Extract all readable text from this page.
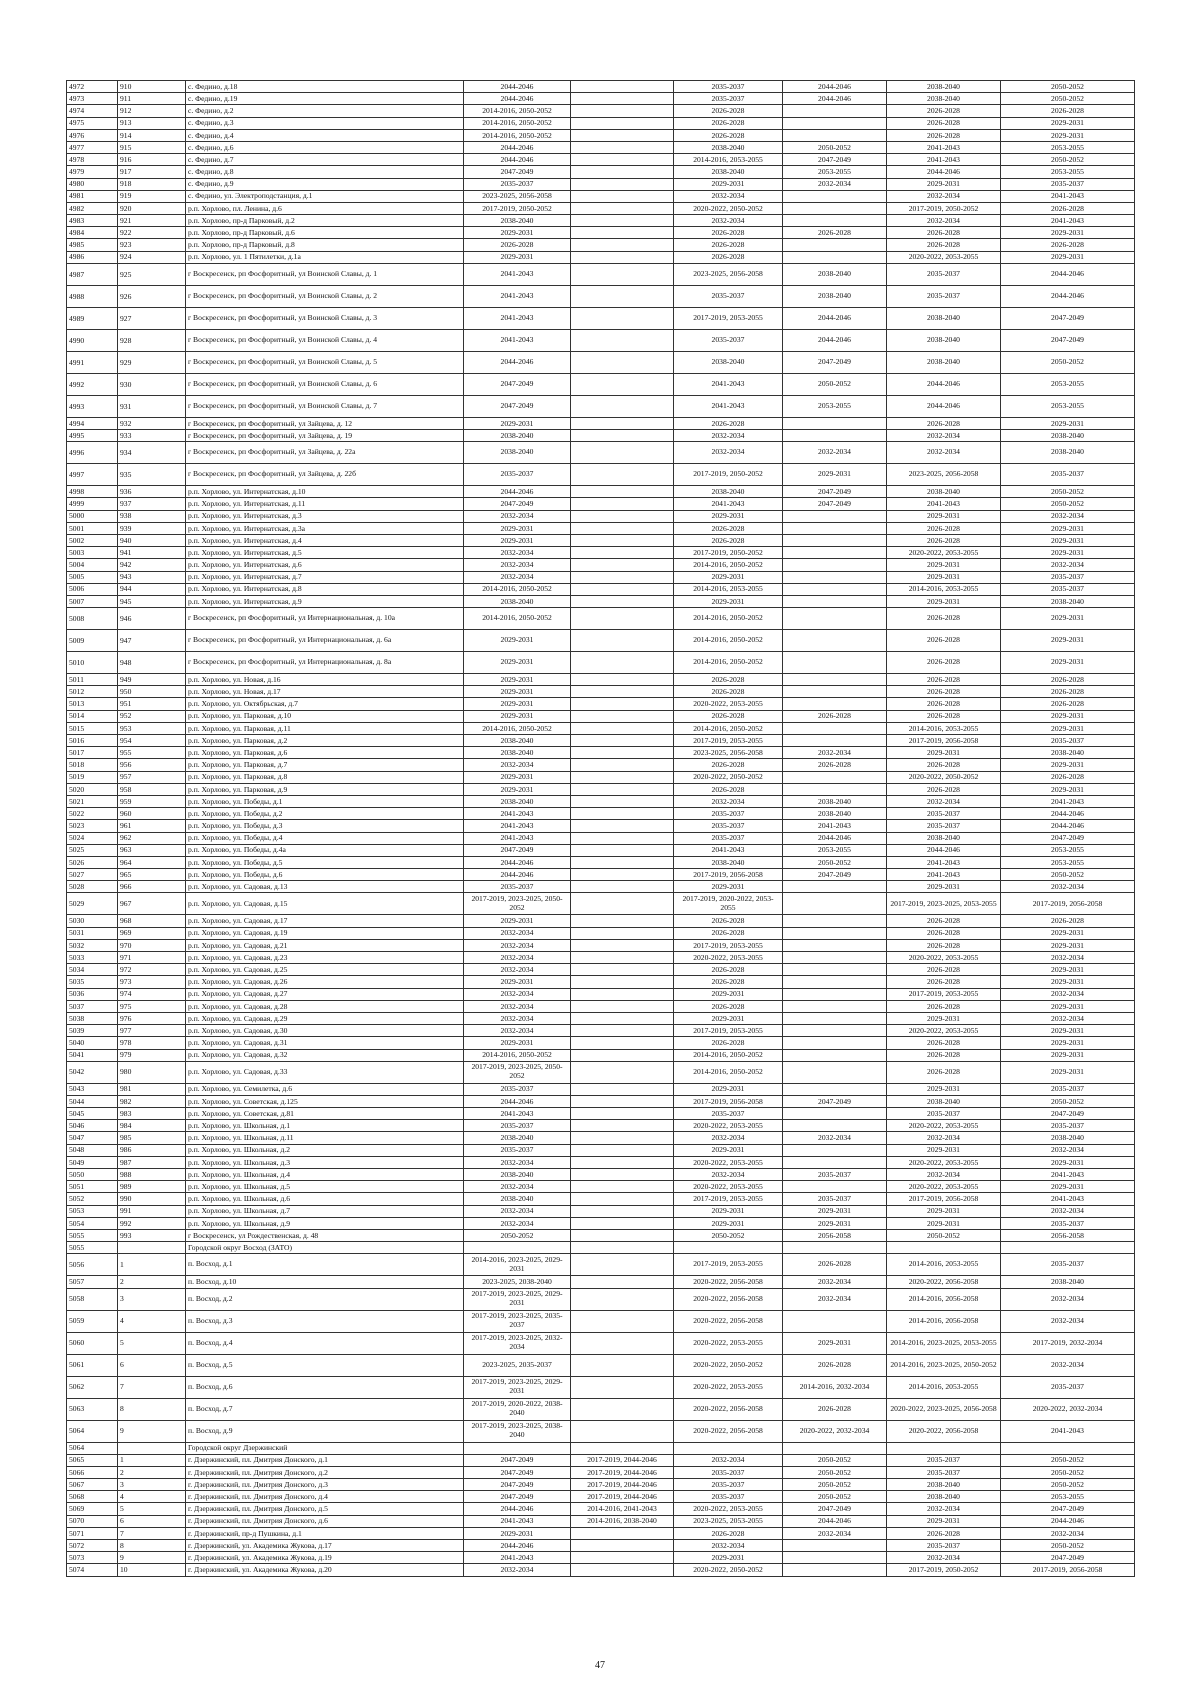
4972	910	с. Федино, д.18	2044-2046		2035-2037	2044-2046	2038-2040	2050-2052
4973	911	с. Федино, д.19	2044-2046		2035-2037	2044-2046	2038-2040	2050-2052
4974	912	с. Федино, д.2	2014-2016, 2050-2052		2026-2028		2026-2028	2026-2028
4975	913	с. Федино, д.3	2014-2016, 2050-2052		2026-2028		2026-2028	2029-2031
4976	914	с. Федино, д.4	2014-2016, 2050-2052		2026-2028		2026-2028	2029-2031
4977	915	с. Федино, д.6	2044-2046		2038-2040	2050-2052	2041-2043	2053-2055
4978	916	с. Федино, д.7	2044-2046		2014-2016, 2053-2055	2047-2049	2041-2043	2050-2052
4979	917	с. Федино, д.8	2047-2049		2038-2040	2053-2055	2044-2046	2053-2055
4980	918	с. Федино, д.9	2035-2037		2029-2031	2032-2034	2029-2031	2035-2037
4981	919	с. Федино, ул. Электроподстанция, д.1	2023-2025, 2056-2058		2032-2034		2032-2034	2041-2043
4982	920	р.п. Хорлово, пл. Ленина, д.6	2017-2019, 2050-2052		2020-2022, 2050-2052		2017-2019, 2050-2052	2026-2028
4983	921	р.п. Хорлово, пр-д Парковый, д.2	2038-2040		2032-2034		2032-2034	2041-2043
4984	922	р.п. Хорлово, пр-д Парковый, д.6	2029-2031		2026-2028	2026-2028	2026-2028	2029-2031
4985	923	р.п. Хорлово, пр-д Парковый, д.8	2026-2028		2026-2028		2026-2028	2026-2028
4986	924	р.п. Хорлово, ул. 1 Пятилетки, д.1а	2029-2031		2026-2028		2020-2022, 2053-2055	2029-2031
4987	925	г Воскресенск, рп Фосфоритный, ул Воинской Славы, д. 1	2041-2043		2023-2025, 2056-2058	2038-2040	2035-2037	2044-2046
4988	926	г Воскресенск, рп Фосфоритный, ул Воинской Славы, д. 2	2041-2043		2035-2037	2038-2040	2035-2037	2044-2046
4989	927	г Воскресенск, рп Фосфоритный, ул Воинской Славы, д. 3	2041-2043		2017-2019, 2053-2055	2044-2046	2038-2040	2047-2049
4990	928	г Воскресенск, рп Фосфоритный, ул Воинской Славы, д. 4	2041-2043		2035-2037	2044-2046	2038-2040	2047-2049
4991	929	г Воскресенск, рп Фосфоритный, ул Воинской Славы, д. 5	2044-2046		2038-2040	2047-2049	2038-2040	2050-2052
4992	930	г Воскресенск, рп Фосфоритный, ул Воинской Славы, д. 6	2047-2049		2041-2043	2050-2052	2044-2046	2053-2055
4993	931	г Воскресенск, рп Фосфоритный, ул Воинской Славы, д. 7	2047-2049		2041-2043	2053-2055	2044-2046	2053-2055
4994	932	г Воскресенск, рп Фосфоритный, ул Зайцева, д. 12	2029-2031		2026-2028		2026-2028	2029-2031
4995	933	г Воскресенск, рп Фосфоритный, ул Зайцева, д. 19	2038-2040		2032-2034		2032-2034	2038-2040
4996	934	г Воскресенск, рп Фосфоритный, ул Зайцева, д. 22а	2038-2040		2032-2034	2032-2034	2032-2034	2038-2040
4997	935	г Воскресенск, рп Фосфоритный, ул Зайцева, д. 22б	2035-2037		2017-2019, 2050-2052	2029-2031	2023-2025, 2056-2058	2035-2037
4998	936	р.п. Хорлово, ул. Интернатская, д.10	2044-2046		2038-2040	2047-2049	2038-2040	2050-2052
4999	937	р.п. Хорлово, ул. Интернатская, д.11	2047-2049		2041-2043	2047-2049	2041-2043	2050-2052
5000	938	р.п. Хорлово, ул. Интернатская, д.3	2032-2034		2029-2031		2029-2031	2032-2034
5001	939	р.п. Хорлово, ул. Интернатская, д.3а	2029-2031		2026-2028		2026-2028	2029-2031
5002	940	р.п. Хорлово, ул. Интернатская, д.4	2029-2031		2026-2028		2026-2028	2029-2031
5003	941	р.п. Хорлово, ул. Интернатская, д.5	2032-2034		2017-2019, 2050-2052		2020-2022, 2053-2055	2029-2031
5004	942	р.п. Хорлово, ул. Интернатская, д.6	2032-2034		2014-2016, 2050-2052		2029-2031	2032-2034
5005	943	р.п. Хорлово, ул. Интернатская, д.7	2032-2034		2029-2031		2029-2031	2035-2037
5006	944	р.п. Хорлово, ул. Интернатская, д.8	2014-2016, 2050-2052		2014-2016, 2053-2055		2014-2016, 2053-2055	2035-2037
5007	945	р.п. Хорлово, ул. Интернатская, д.9	2038-2040		2029-2031		2029-2031	2038-2040
5008	946	г Воскресенск, рп Фосфоритный, ул Интернациональная, д. 10а	2014-2016, 2050-2052		2014-2016, 2050-2052		2026-2028	2029-2031
5009	947	г Воскресенск, рп Фосфоритный, ул Интернациональная, д. 6а	2029-2031		2014-2016, 2050-2052		2026-2028	2029-2031
5010	948	г Воскресенск, рп Фосфоритный, ул Интернациональная, д. 8а	2029-2031		2014-2016, 2050-2052		2026-2028	2029-2031
5011	949	р.п. Хорлово, ул. Новая, д.16	2029-2031		2026-2028		2026-2028	2026-2028
5012	950	р.п. Хорлово, ул. Новая, д.17	2029-2031		2026-2028		2026-2028	2026-2028
5013	951	р.п. Хорлово, ул. Октябрьская, д.7	2029-2031		2020-2022, 2053-2055		2026-2028	2026-2028
5014	952	р.п. Хорлово, ул. Парковая, д.10	2029-2031		2026-2028	2026-2028	2026-2028	2029-2031
5015	953	р.п. Хорлово, ул. Парковая, д.11	2014-2016, 2050-2052		2014-2016, 2050-2052		2014-2016, 2053-2055	2029-2031
5016	954	р.п. Хорлово, ул. Парковая, д.2	2038-2040		2017-2019, 2053-2055		2017-2019, 2056-2058	2035-2037
5017	955	р.п. Хорлово, ул. Парковая, д.6	2038-2040		2023-2025, 2056-2058	2032-2034	2029-2031	2038-2040
5018	956	р.п. Хорлово, ул. Парковая, д.7	2032-2034		2026-2028	2026-2028	2026-2028	2029-2031
5019	957	р.п. Хорлово, ул. Парковая, д.8	2029-2031		2020-2022, 2050-2052		2020-2022, 2050-2052	2026-2028
5020	958	р.п. Хорлово, ул. Парковая, д.9	2029-2031		2026-2028		2026-2028	2029-2031
5021	959	р.п. Хорлово, ул. Победы, д.1	2038-2040		2032-2034	2038-2040	2032-2034	2041-2043
5022	960	р.п. Хорлово, ул. Победы, д.2	2041-2043		2035-2037	2038-2040	2035-2037	2044-2046
5023	961	р.п. Хорлово, ул. Победы, д.3	2041-2043		2035-2037	2041-2043	2035-2037	2044-2046
5024	962	р.п. Хорлово, ул. Победы, д.4	2041-2043		2035-2037	2044-2046	2038-2040	2047-2049
5025	963	р.п. Хорлово, ул. Победы, д.4а	2047-2049		2041-2043	2053-2055	2044-2046	2053-2055
5026	964	р.п. Хорлово, ул. Победы, д.5	2044-2046		2038-2040	2050-2052	2041-2043	2053-2055
5027	965	р.п. Хорлово, ул. Победы, д.6	2044-2046		2017-2019, 2056-2058	2047-2049	2041-2043	2050-2052
5028	966	р.п. Хорлово, ул. Садовая, д.13	2035-2037		2029-2031		2029-2031	2032-2034
5029	967	р.п. Хорлово, ул. Садовая, д.15	2017-2019, 2023-2025, 2050-2052		2017-2019, 2020-2022, 2053-2055		2017-2019, 2023-2025, 2053-2055	2017-2019, 2056-2058
5030	968	р.п. Хорлово, ул. Садовая, д.17	2029-2031		2026-2028		2026-2028	2026-2028
5031	969	р.п. Хорлово, ул. Садовая, д.19	2032-2034		2026-2028		2026-2028	2029-2031
5032	970	р.п. Хорлово, ул. Садовая, д.21	2032-2034		2017-2019, 2053-2055		2026-2028	2029-2031
5033	971	р.п. Хорлово, ул. Садовая, д.23	2032-2034		2020-2022, 2053-2055		2020-2022, 2053-2055	2032-2034
5034	972	р.п. Хорлово, ул. Садовая, д.25	2032-2034		2026-2028		2026-2028	2029-2031
5035	973	р.п. Хорлово, ул. Садовая, д.26	2029-2031		2026-2028		2026-2028	2029-2031
5036	974	р.п. Хорлово, ул. Садовая, д.27	2032-2034		2029-2031		2017-2019, 2053-2055	2032-2034
5037	975	р.п. Хорлово, ул. Садовая, д.28	2032-2034		2026-2028		2026-2028	2029-2031
5038	976	р.п. Хорлово, ул. Садовая, д.29	2032-2034		2029-2031		2029-2031	2032-2034
5039	977	р.п. Хорлово, ул. Садовая, д.30	2032-2034		2017-2019, 2053-2055		2020-2022, 2053-2055	2029-2031
5040	978	р.п. Хорлово, ул. Садовая, д.31	2029-2031		2026-2028		2026-2028	2029-2031
5041	979	р.п. Хорлово, ул. Садовая, д.32	2014-2016, 2050-2052		2014-2016, 2050-2052		2026-2028	2029-2031
5042	980	р.п. Хорлово, ул. Садовая, д.33	2017-2019, 2023-2025, 2050-2052		2014-2016, 2050-2052		2026-2028	2029-2031
5043	981	р.п. Хорлово, ул. Семилетка, д.6	2035-2037		2029-2031		2029-2031	2035-2037
5044	982	р.п. Хорлово, ул. Советская, д.125	2044-2046		2017-2019, 2056-2058	2047-2049	2038-2040	2050-2052
5045	983	р.п. Хорлово, ул. Советская, д.81	2041-2043		2035-2037		2035-2037	2047-2049
5046	984	р.п. Хорлово, ул. Школьная, д.1	2035-2037		2020-2022, 2053-2055		2020-2022, 2053-2055	2035-2037
5047	985	р.п. Хорлово, ул. Школьная, д.11	2038-2040		2032-2034	2032-2034	2032-2034	2038-2040
5048	986	р.п. Хорлово, ул. Школьная, д.2	2035-2037		2029-2031		2029-2031	2032-2034
5049	987	р.п. Хорлово, ул. Школьная, д.3	2032-2034		2020-2022, 2053-2055		2020-2022, 2053-2055	2029-2031
5050	988	р.п. Хорлово, ул. Школьная, д.4	2038-2040		2032-2034	2035-2037	2032-2034	2041-2043
5051	989	р.п. Хорлово, ул. Школьная, д.5	2032-2034		2020-2022, 2053-2055		2020-2022, 2053-2055	2029-2031
5052	990	р.п. Хорлово, ул. Школьная, д.6	2038-2040		2017-2019, 2053-2055	2035-2037	2017-2019, 2056-2058	2041-2043
5053	991	р.п. Хорлово, ул. Школьная, д.7	2032-2034		2029-2031	2029-2031	2029-2031	2032-2034
5054	992	р.п. Хорлово, ул. Школьная, д.9	2032-2034		2029-2031	2029-2031	2029-2031	2035-2037
5055	993	г Воскресенск, ул Рождественская, д. 48	2050-2052		2050-2052	2056-2058	2050-2052	2056-2058
5055		Городской округ Восход (ЗАТО)						
5056	1	п. Восход, д.1	2014-2016, 2023-2025, 2029-2031		2017-2019, 2053-2055	2026-2028	2014-2016, 2053-2055	2035-2037
5057	2	п. Восход, д.10	2023-2025, 2038-2040		2020-2022, 2056-2058	2032-2034	2020-2022, 2056-2058	2038-2040
5058	3	п. Восход, д.2	2017-2019, 2023-2025, 2029-2031		2020-2022, 2056-2058	2032-2034	2014-2016, 2056-2058	2032-2034
5059	4	п. Восход, д.3	2017-2019, 2023-2025, 2035-2037		2020-2022, 2056-2058		2014-2016, 2056-2058	2032-2034
5060	5	п. Восход, д.4	2017-2019, 2023-2025, 2032-2034		2020-2022, 2053-2055	2029-2031	2014-2016, 2023-2025, 2053-2055	2017-2019, 2032-2034
5061	6	п. Восход, д.5	2023-2025, 2035-2037		2020-2022, 2050-2052	2026-2028	2014-2016, 2023-2025, 2050-2052	2032-2034
5062	7	п. Восход, д.6	2017-2019, 2023-2025, 2029-2031		2020-2022, 2053-2055	2014-2016, 2032-2034	2014-2016, 2053-2055	2035-2037
5063	8	п. Восход, д.7	2017-2019, 2020-2022, 2038-2040		2020-2022, 2056-2058	2026-2028	2020-2022, 2023-2025, 2056-2058	2020-2022, 2032-2034
5064	9	п. Восход, д.9	2017-2019, 2023-2025, 2038-2040		2020-2022, 2056-2058	2020-2022, 2032-2034	2020-2022, 2056-2058	2041-2043
5064		Городской округ Дзержинский						
5065	1	г. Дзержинский, пл. Дмитрия Донского, д.1	2047-2049	2017-2019, 2044-2046	2032-2034	2050-2052	2035-2037	2050-2052
5066	2	г. Дзержинский, пл. Дмитрия Донского, д.2	2047-2049	2017-2019, 2044-2046	2035-2037	2050-2052	2035-2037	2050-2052
5067	3	г. Дзержинский, пл. Дмитрия Донского, д.3	2047-2049	2017-2019, 2044-2046	2035-2037	2050-2052	2038-2040	2050-2052
5068	4	г. Дзержинский, пл. Дмитрия Донского, д.4	2047-2049	2017-2019, 2044-2046	2035-2037	2050-2052	2038-2040	2053-2055
5069	5	г. Дзержинский, пл. Дмитрия Донского, д.5	2044-2046	2014-2016, 2041-2043	2020-2022, 2053-2055	2047-2049	2032-2034	2047-2049
5070	6	г. Дзержинский, пл. Дмитрия Донского, д.6	2041-2043	2014-2016, 2038-2040	2023-2025, 2053-2055	2044-2046	2029-2031	2044-2046
5071	7	г. Дзержинский, пр-д Пушкина, д.1	2029-2031		2026-2028	2032-2034	2026-2028	2032-2034
5072	8	г. Дзержинский, ул. Академика Жукова, д.17	2044-2046		2032-2034		2035-2037	2050-2052
5073	9	г. Дзержинский, ул. Академика Жукова, д.19	2041-2043		2029-2031		2032-2034	2047-2049
5074	10	г. Дзержинский, ул. Академика Жукова, д.20	2032-2034		2020-2022, 2050-2052		2017-2019, 2050-2052	2017-2019, 2056-2058
47
